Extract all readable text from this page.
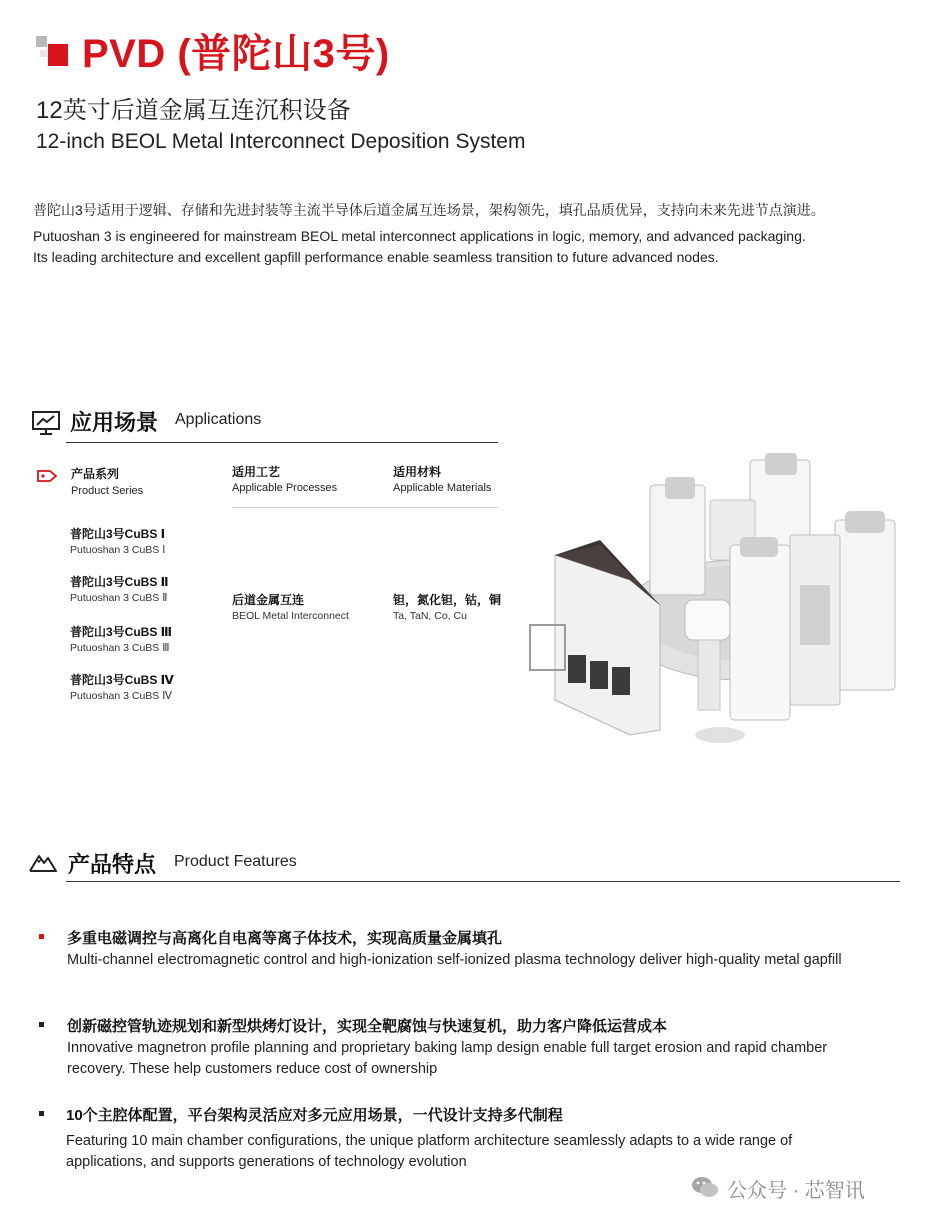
PVD (普陀山3号)
12英寸后道金属互连沉积设备
12-inch BEOL Metal Interconnect Deposition System
普陀山3号适用于逻辑、存储和先进封装等主流半导体后道金属互连场景，架构领先，填孔品质优异，支持向未来先进节点演进。
Putuoshan 3 is engineered for mainstream BEOL metal interconnect applications in logic, memory, and advanced packaging.
Its leading architecture and excellent gapfill performance enable seamless transition to future advanced nodes.
应用场景 Applications
产品系列
Product Series
适用工艺
Applicable Processes
适用材料
Applicable Materials
普陀山3号CuBS Ⅰ
Putuoshan 3 CuBS Ⅰ
普陀山3号CuBS Ⅱ
Putuoshan 3 CuBS Ⅱ
普陀山3号CuBS Ⅲ
Putuoshan 3 CuBS Ⅲ
普陀山3号CuBS Ⅳ
Putuoshan 3 CuBS Ⅳ
后道金属互连
BEOL Metal Interconnect
钽，氮化钽，钴，铜
Ta, TaN, Co, Cu
产品特点 Product Features
多重电磁调控与高离化自电离等离子体技术，实现高质量金属填孔
Multi-channel electromagnetic control and high-ionization self-ionized plasma technology deliver high-quality metal gapfill
创新磁控管轨迹规划和新型烘烤灯设计，实现全靶腐蚀与快速复机，助力客户降低运营成本
Innovative magnetron profile planning and proprietary baking lamp design enable full target erosion and rapid chamber
recovery. These help customers reduce cost of ownership
10个主腔体配置，平台架构灵活应对多元应用场景，一代设计支持多代制程
Featuring 10 main chamber configurations, the unique platform architecture seamlessly adapts to a wide range of
applications, and supports generations of technology evolution
公众号 · 芯智讯
